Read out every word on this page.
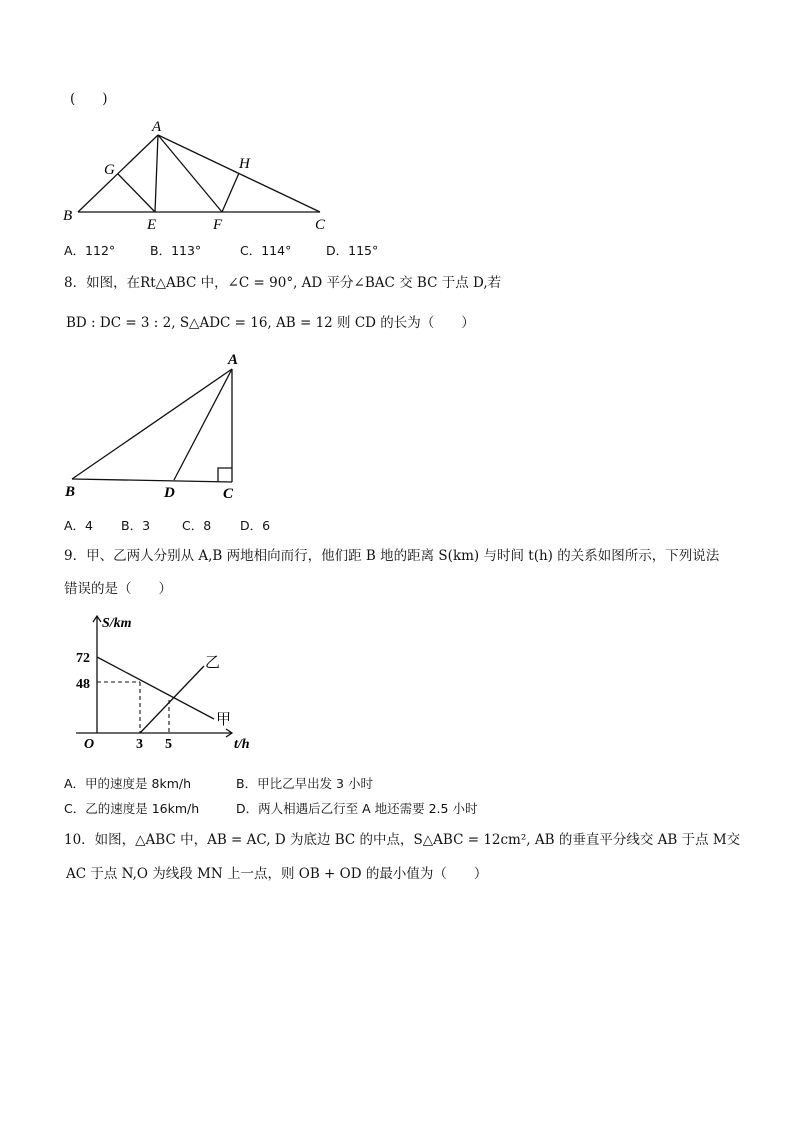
(　　)
A
G	H
B
E	F	C
A
B	D	C
S/km
72
48
O	3 5	t/h
乙
甲
A．112°	B．113°	C．114°	D．115°
8．如图，在Rt△ABC 中，∠C = 90°, AD 平分∠BAC 交 BC 于点 D,若
BD : DC = 3 : 2, S△ADC = 16, AB = 12 则 CD 的长为（　　）
A．4 B．3	C．8 D．6
9．甲、乙两人分别从 A,B 两地相向而行，他们距 B 地的距离 S(km) 与时间 t(h) 的关系如图所示，下列说法
错误的是（　　）
A．甲的速度是 8km/h	B．甲比乙早出发 3 小时
C．乙的速度是 16km/h	D．两人相遇后乙行至 A 地还需要 2.5 小时
10．如图，△ABC 中，AB = AC, D 为底边 BC 的中点，S△ABC = 12cm², AB 的垂直平分线交 AB 于点 M交
AC 于点 N,O 为线段 MN 上一点，则 OB + OD 的最小值为（　　）
